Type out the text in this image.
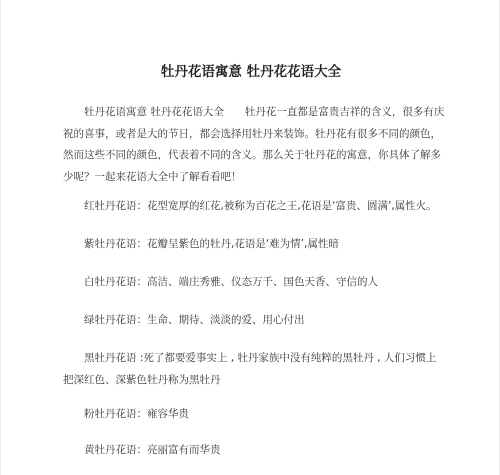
牡丹花语寓意 牡丹花花语大全

牡丹花语寓意 牡丹花花语大全　　牡丹花一直都是富贵吉祥的含义，很多有庆祝的喜事，或者是大的节日，都会选择用牡丹来装饰。牡丹花有很多不同的颜色，然而这些不同的颜色，代表着不同的含义。那么关于牡丹花的寓意，你具体了解多少呢？一起来花语大全中了解看看吧！

红牡丹花语：花型宽厚的红花,被称为百花之王,花语是‘富贵、圆满’,属性火。

紫牡丹花语：花瓣呈紫色的牡丹,花语是‘难为情’,属性暗

白牡丹花语：高洁、端庄秀雅、仪态万千、国色天香、守信的人

绿牡丹花语：生命、期待、淡淡的爱、用心付出

黑牡丹花语 :死了都要爱事实上 , 牡丹家族中没有纯粹的黑牡丹 , 人们习惯上把深红色、深紫色牡丹称为黑牡丹

粉牡丹花语：雍容华贵

黄牡丹花语：亮丽富有而华贵
